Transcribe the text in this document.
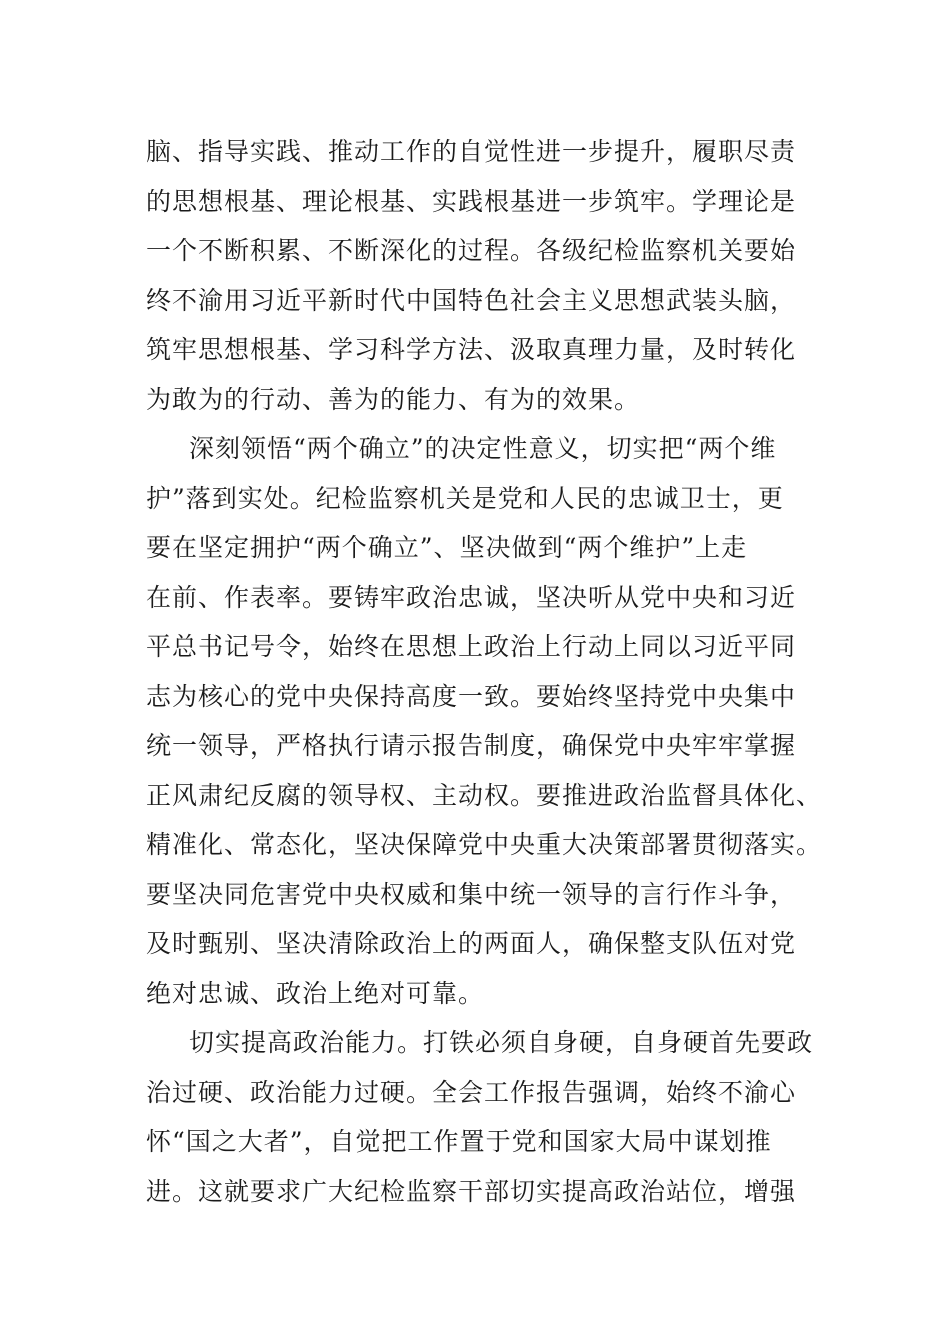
脑、指导实践、推动工作的自觉性进一步提升，履职尽责
的思想根基、理论根基、实践根基进一步筑牢。学理论是
一个不断积累、不断深化的过程。各级纪检监察机关要始
终不渝用习近平新时代中国特色社会主义思想武装头脑，
筑牢思想根基、学习科学方法、汲取真理力量，及时转化
为敢为的行动、善为的能力、有为的效果。
深刻领悟“两个确立”的决定性意义，切实把“两个维
护”落到实处。纪检监察机关是党和人民的忠诚卫士，更
要在坚定拥护“两个确立”、坚决做到“两个维护”上走
在前、作表率。要铸牢政治忠诚，坚决听从党中央和习近
平总书记号令，始终在思想上政治上行动上同以习近平同
志为核心的党中央保持高度一致。要始终坚持党中央集中
统一领导，严格执行请示报告制度，确保党中央牢牢掌握
正风肃纪反腐的领导权、主动权。要推进政治监督具体化、
精准化、常态化，坚决保障党中央重大决策部署贯彻落实。
要坚决同危害党中央权威和集中统一领导的言行作斗争，
及时甄别、坚决清除政治上的两面人，确保整支队伍对党
绝对忠诚、政治上绝对可靠。
切实提高政治能力。打铁必须自身硬，自身硬首先要政
治过硬、政治能力过硬。全会工作报告强调，始终不渝心
怀“国之大者”，自觉把工作置于党和国家大局中谋划推
进。这就要求广大纪检监察干部切实提高政治站位，增强
